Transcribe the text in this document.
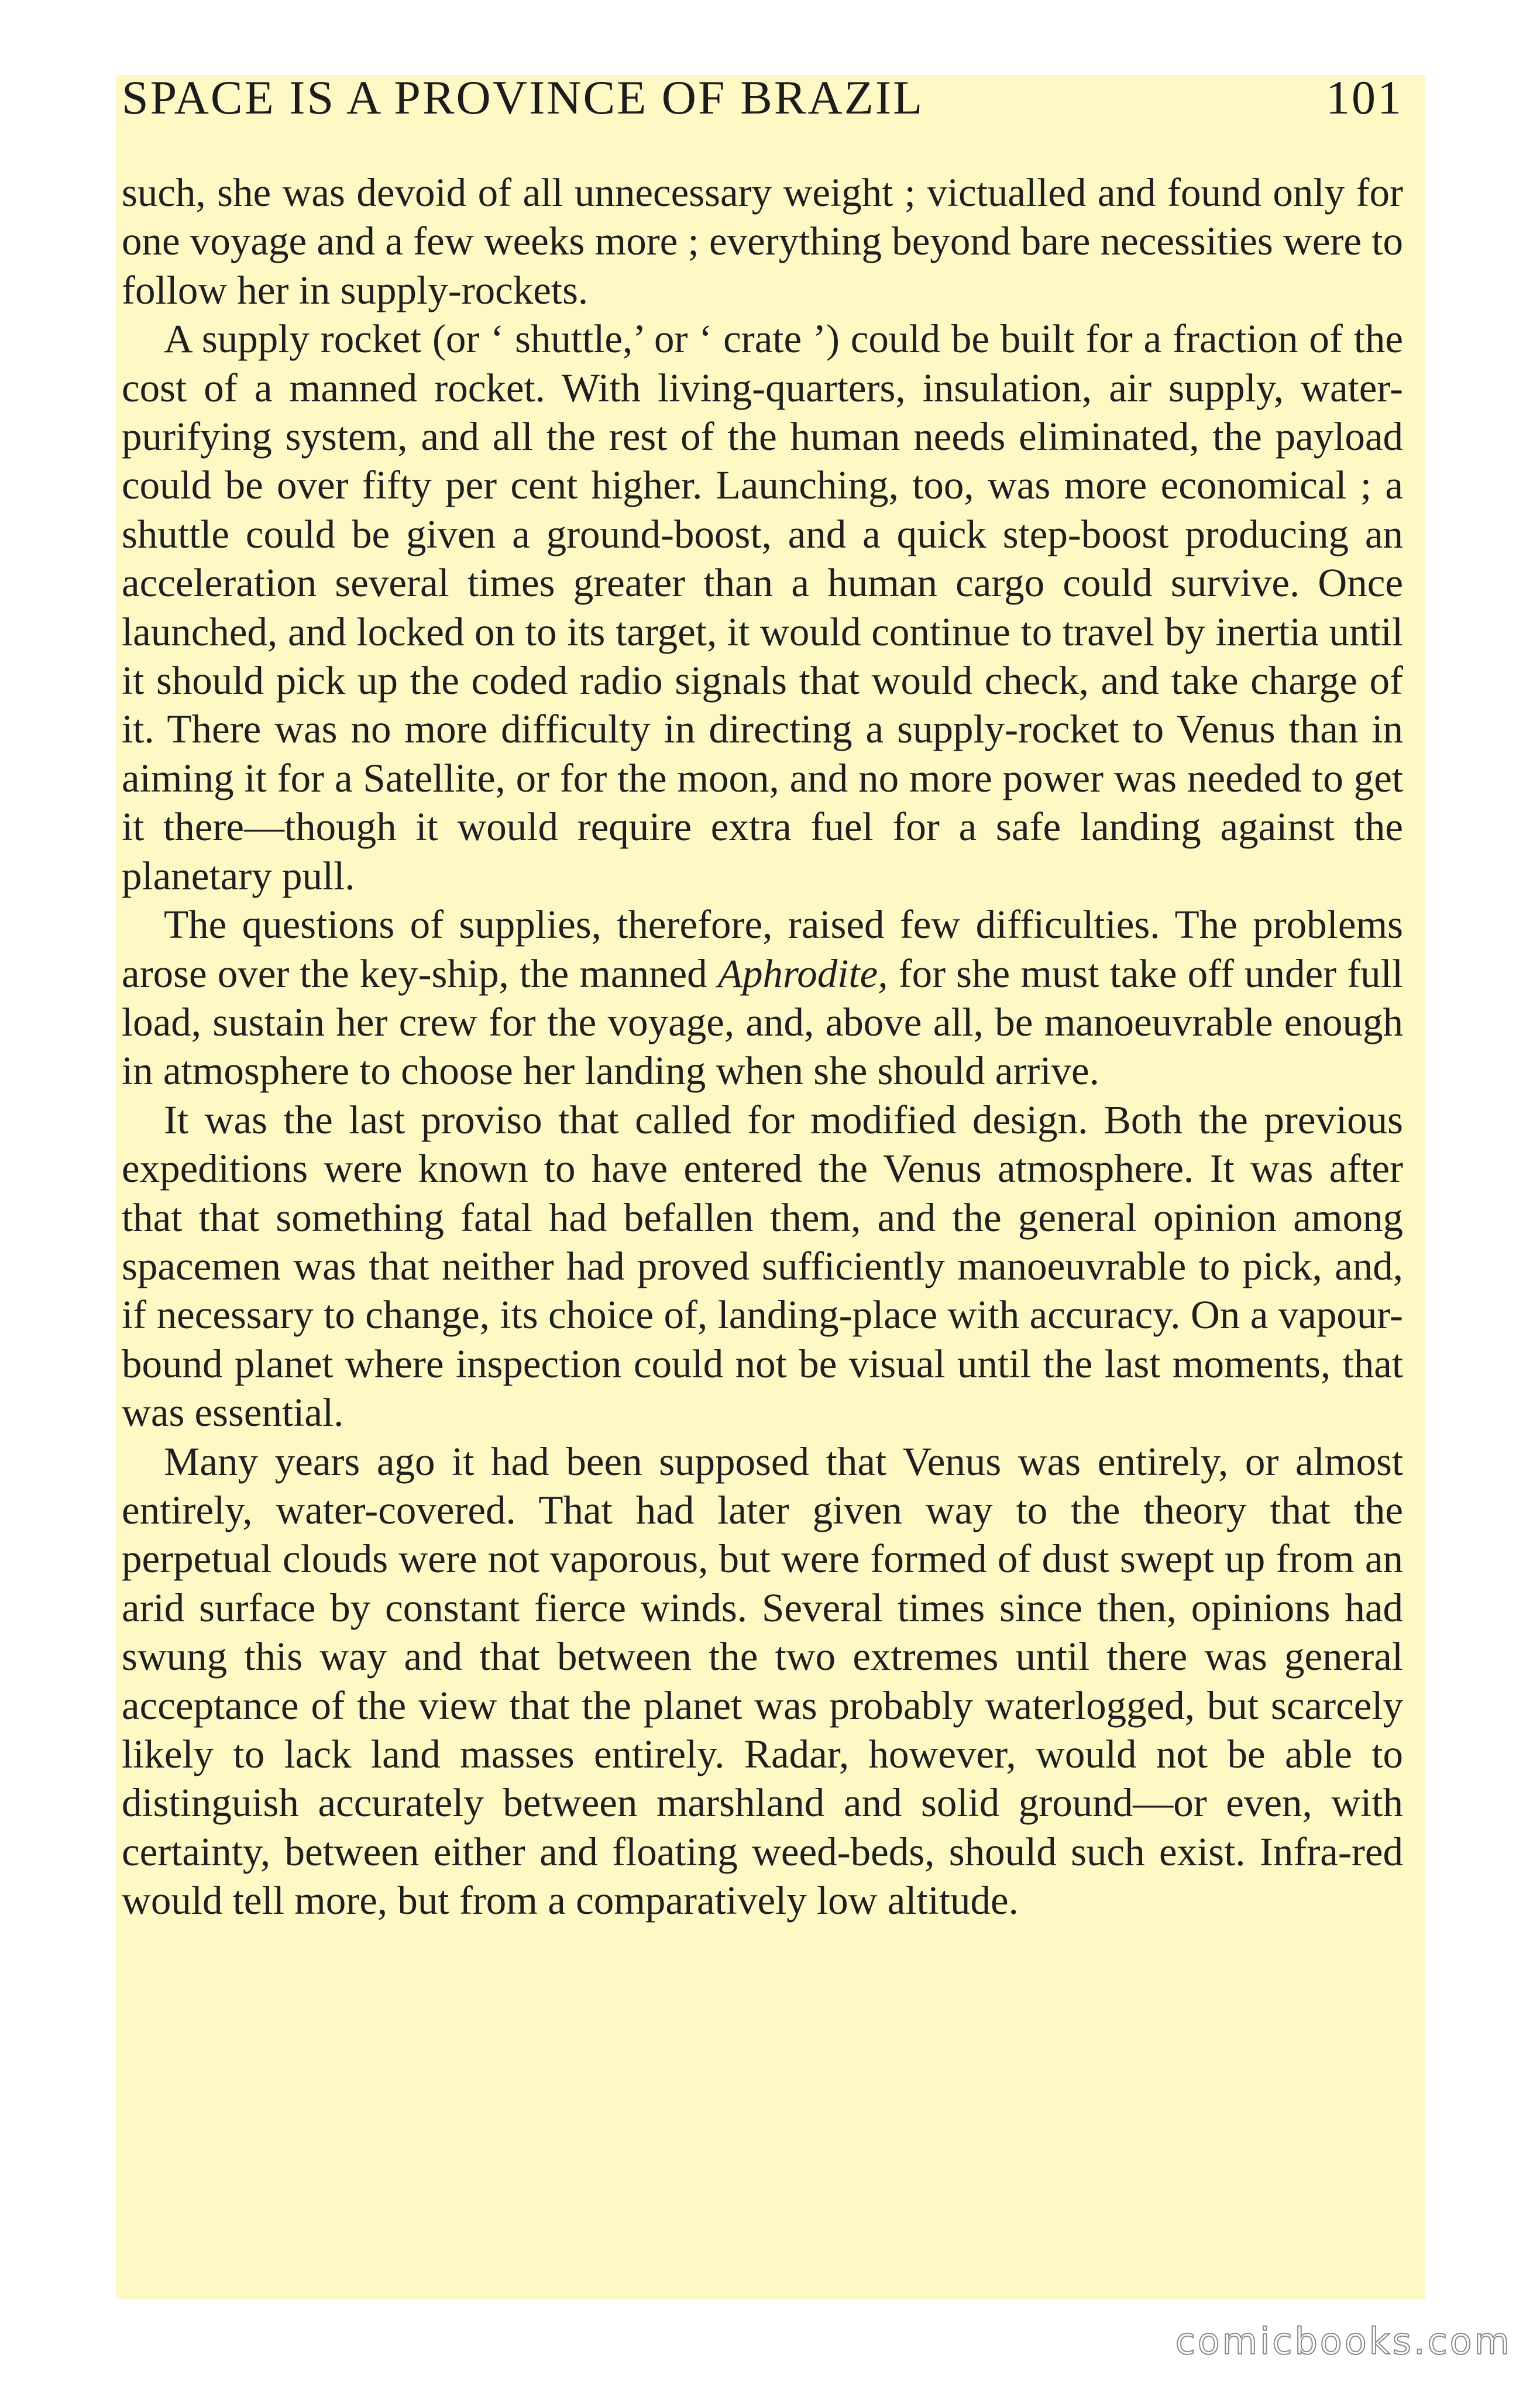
SPACE IS A PROVINCE OF BRAZIL	101

such, she was devoid of all unnecessary weight ; victualled and found only for one voyage and a few weeks more ; everything beyond bare necessities were to follow her in supply-rockets.

A supply rocket (or ‘ shuttle,’ or ‘ crate ’) could be built for a fraction of the cost of a manned rocket. With living-quarters, insulation, air supply, water-purifying system, and all the rest of the human needs eliminated, the payload could be over fifty per cent higher. Launching, too, was more economical ; a shuttle could be given a ground-boost, and a quick step-boost producing an acceleration several times greater than a human cargo could survive. Once launched, and locked on to its target, it would continue to travel by inertia until it should pick up the coded radio signals that would check, and take charge of it. There was no more difficulty in directing a supply-rocket to Venus than in aiming it for a Satellite, or for the moon, and no more power was needed to get it there—though it would require extra fuel for a safe landing against the planetary pull.

The questions of supplies, therefore, raised few difficulties. The problems arose over the key-ship, the manned Aphrodite, for she must take off under full load, sustain her crew for the voyage, and, above all, be manoeuvrable enough in atmosphere to choose her landing when she should arrive.

It was the last proviso that called for modified design. Both the previous expeditions were known to have entered the Venus atmosphere. It was after that that something fatal had befallen them, and the general opinion among spacemen was that neither had proved sufficiently manoeuvrable to pick, and, if necessary to change, its choice of, landing-place with accuracy. On a vapour-bound planet where inspection could not be visual until the last moments, that was essential.

Many years ago it had been supposed that Venus was entirely, or almost entirely, water-covered. That had later given way to the theory that the perpetual clouds were not vaporous, but were formed of dust swept up from an arid surface by constant fierce winds. Several times since then, opinions had swung this way and that between the two extremes until there was general acceptance of the view that the planet was probably waterlogged, but scarcely likely to lack land masses entirely. Radar, however, would not be able to distinguish accurately between marshland and solid ground—or even, with certainty, between either and floating weed-beds, should such exist. Infra-red would tell more, but from a comparatively low altitude.

comicbooks.com
